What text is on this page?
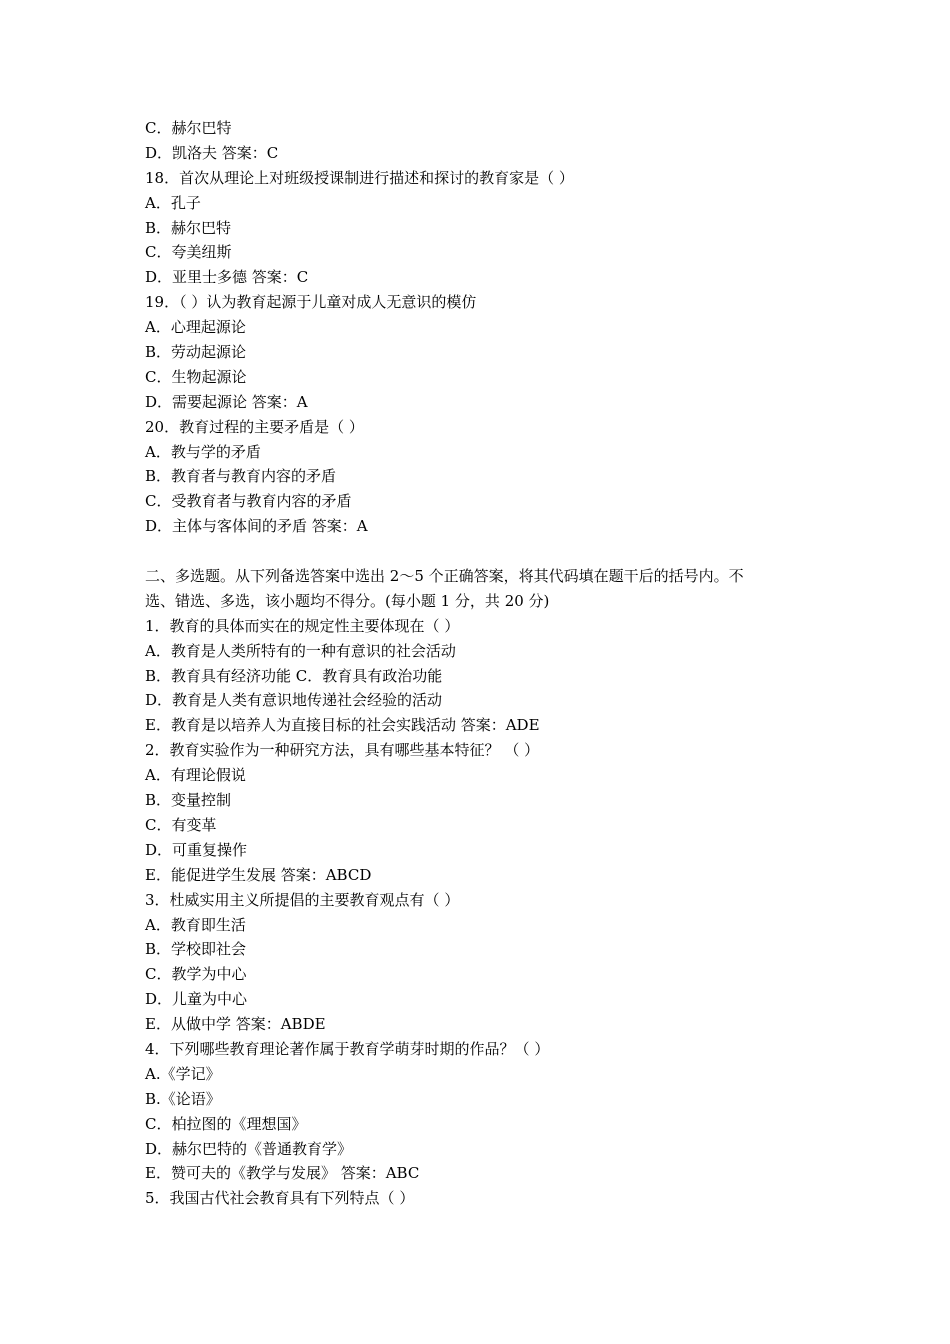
C．赫尔巴特
D．凯洛夫 答案：C
18．首次从理论上对班级授课制进行描述和探讨的教育家是（ ）
A．孔子
B．赫尔巴特
C．夸美纽斯
D．亚里士多德 答案：C
19．（ ）认为教育起源于儿童对成人无意识的模仿
A．心理起源论
B．劳动起源论
C．生物起源论
D．需要起源论 答案：A
20．教育过程的主要矛盾是（ ）
A．教与学的矛盾
B．教育者与教育内容的矛盾
C．受教育者与教育内容的矛盾
D．主体与客体间的矛盾 答案：A
二、多选题。从下列备选答案中选出 2～5 个正确答案，将其代码填在题干后的括号内。不
选、错选、多选，该小题均不得分。(每小题 1 分，共 20 分)
1．教育的具体而实在的规定性主要体现在（ ）
A．教育是人类所特有的一种有意识的社会活动
B．教育具有经济功能 C．教育具有政治功能
D．教育是人类有意识地传递社会经验的活动
E．教育是以培养人为直接目标的社会实践活动 答案：ADE
2．教育实验作为一种研究方法，具有哪些基本特征？ （ ）
A．有理论假说
B．变量控制
C．有变革
D．可重复操作
E．能促进学生发展 答案：ABCD
3．杜威实用主义所提倡的主要教育观点有（ ）
A．教育即生活
B．学校即社会
C．教学为中心
D．儿童为中心
E．从做中学 答案：ABDE
4．下列哪些教育理论著作属于教育学萌芽时期的作品？（ ）
A.《学记》
B.《论语》
C．柏拉图的《理想国》
D．赫尔巴特的《普通教育学》
E．赞可夫的《教学与发展》 答案：ABC
5．我国古代社会教育具有下列特点（ ）
